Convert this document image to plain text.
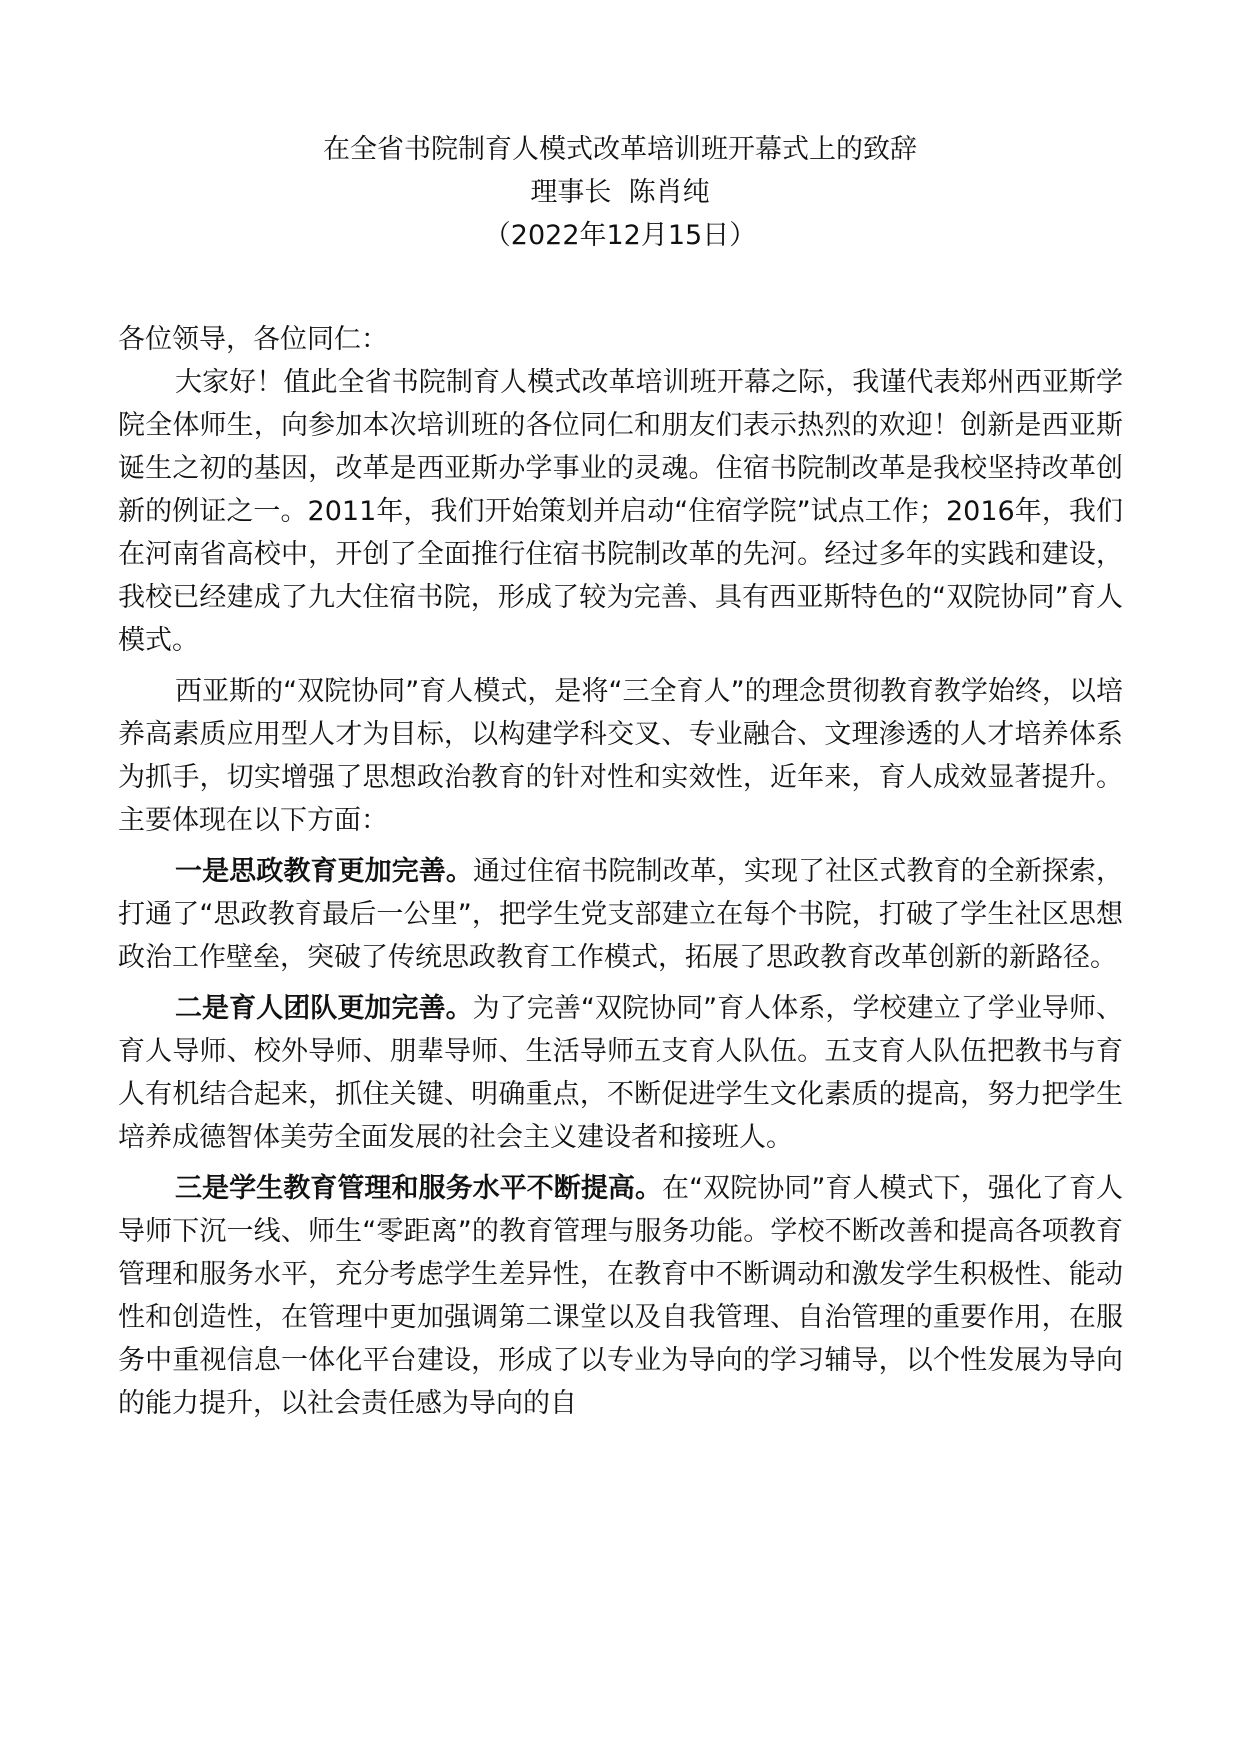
在全省书院制育人模式改革培训班开幕式上的致辞
理事长  陈肖纯
（2022年12月15日）

各位领导，各位同仁：

大家好！值此全省书院制育人模式改革培训班开幕之际，我谨代表郑州西亚斯学院全体师生，向参加本次培训班的各位同仁和朋友们表示热烈的欢迎！创新是西亚斯诞生之初的基因，改革是西亚斯办学事业的灵魂。住宿书院制改革是我校坚持改革创新的例证之一。2011年，我们开始策划并启动“住宿学院”试点工作；2016年，我们在河南省高校中，开创了全面推行住宿书院制改革的先河。经过多年的实践和建设，我校已经建成了九大住宿书院，形成了较为完善、具有西亚斯特色的“双院协同”育人模式。

西亚斯的“双院协同”育人模式，是将“三全育人”的理念贯彻教育教学始终，以培养高素质应用型人才为目标，以构建学科交叉、专业融合、文理渗透的人才培养体系为抓手，切实增强了思想政治教育的针对性和实效性，近年来，育人成效显著提升。主要体现在以下方面：

一是思政教育更加完善。通过住宿书院制改革，实现了社区式教育的全新探索，打通了“思政教育最后一公里”，把学生党支部建立在每个书院，打破了学生社区思想政治工作壁垒，突破了传统思政教育工作模式，拓展了思政教育改革创新的新路径。

二是育人团队更加完善。为了完善“双院协同”育人体系，学校建立了学业导师、育人导师、校外导师、朋辈导师、生活导师五支育人队伍。五支育人队伍把教书与育人有机结合起来，抓住关键、明确重点，不断促进学生文化素质的提高，努力把学生培养成德智体美劳全面发展的社会主义建设者和接班人。

三是学生教育管理和服务水平不断提高。在“双院协同”育人模式下，强化了育人导师下沉一线、师生“零距离”的教育管理与服务功能。学校不断改善和提高各项教育管理和服务水平，充分考虑学生差异性，在教育中不断调动和激发学生积极性、能动性和创造性，在管理中更加强调第二课堂以及自我管理、自治管理的重要作用，在服务中重视信息一体化平台建设，形成了以专业为导向的学习辅导，以个性发展为导向的能力提升，以社会责任感为导向的自
